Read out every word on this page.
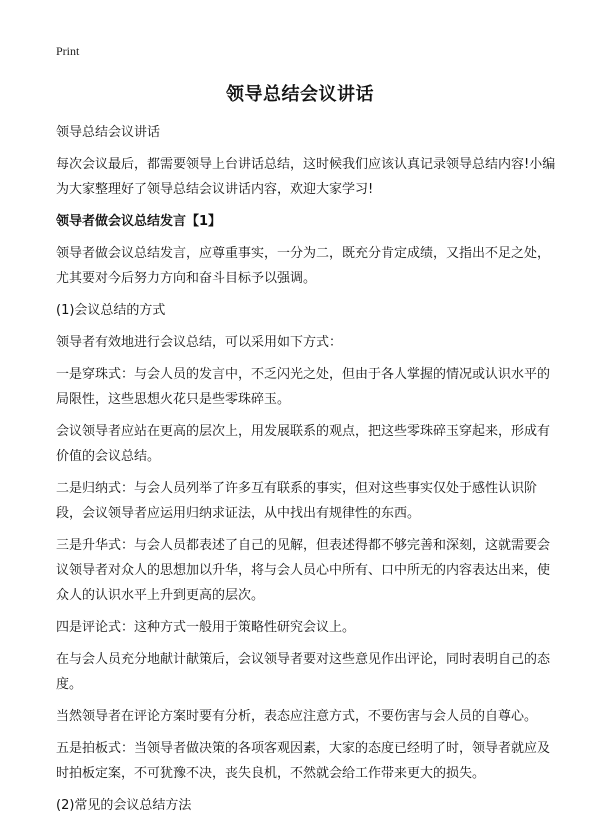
Print
领导总结会议讲话

领导总结会议讲话

每次会议最后，都需要领导上台讲话总结，这时候我们应该认真记录领导总结内容!小编为大家整理好了领导总结会议讲话内容，欢迎大家学习!

领导者做会议总结发言【1】

领导者做会议总结发言，应尊重事实，一分为二，既充分肯定成绩，又指出不足之处，尤其要对今后努力方向和奋斗目标予以强调。

(1)会议总结的方式

领导者有效地进行会议总结，可以采用如下方式：

一是穿珠式：与会人员的发言中，不乏闪光之处，但由于各人掌握的情况或认识水平的局限性，这些思想火花只是些零珠碎玉。

会议领导者应站在更高的层次上，用发展联系的观点，把这些零珠碎玉穿起来，形成有价值的会议总结。

二是归纳式：与会人员列举了许多互有联系的事实，但对这些事实仅处于感性认识阶段，会议领导者应运用归纳求证法，从中找出有规律性的东西。

三是升华式：与会人员都表述了自己的见解，但表述得都不够完善和深刻，这就需要会议领导者对众人的思想加以升华，将与会人员心中所有、口中所无的内容表达出来，使众人的认识水平上升到更高的层次。

四是评论式：这种方式一般用于策略性研究会议上。

在与会人员充分地献计献策后，会议领导者要对这些意见作出评论，同时表明自己的态度。

当然领导者在评论方案时要有分析，表态应注意方式，不要伤害与会人员的自尊心。

五是拍板式：当领导者做决策的各项客观因素，大家的态度已经明了时，领导者就应及时拍板定案，不可犹豫不决，丧失良机，不然就会给工作带来更大的损失。

(2)常见的会议总结方法
